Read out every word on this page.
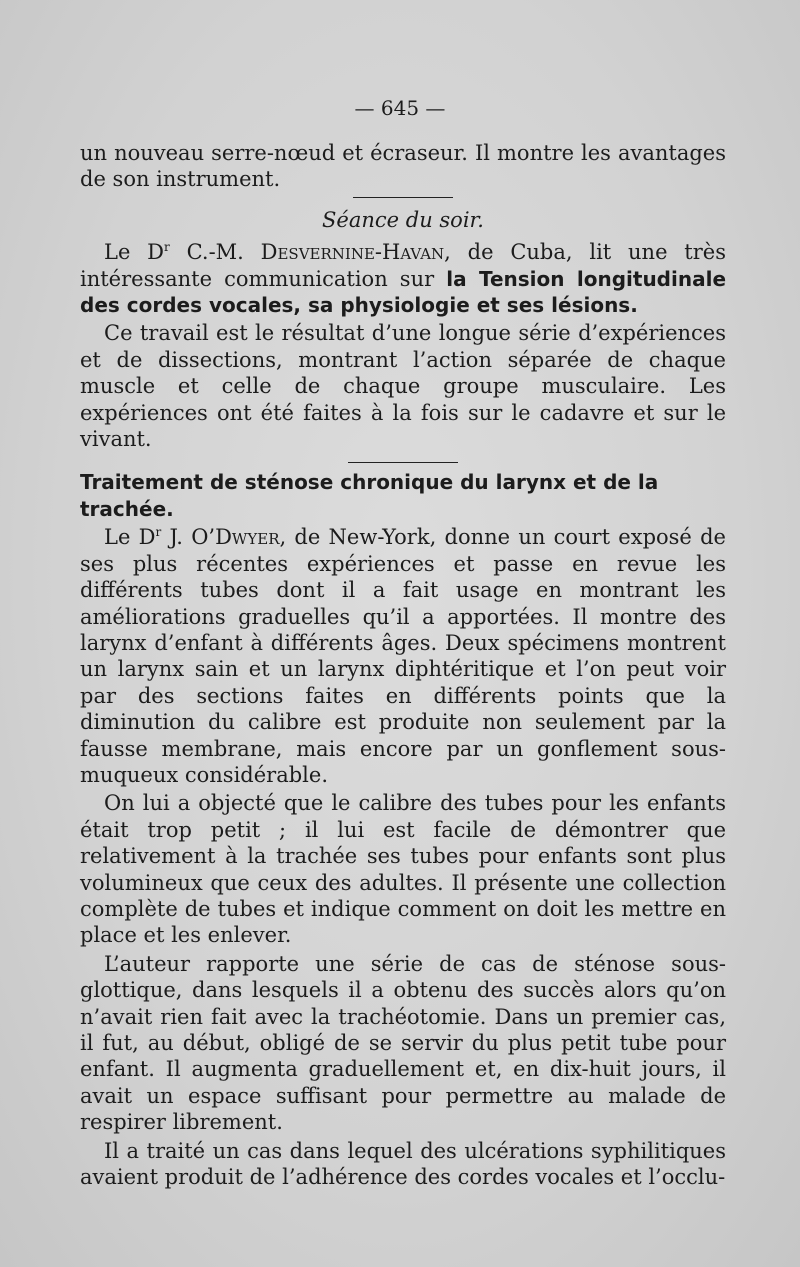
— 645 —

un nouveau serre-nœud et écraseur. Il montre les avantages de son instrument.

Séance du soir.

Le $D^r$ C.-M. Desvernine-Havan, de Cuba, lit une très intéressante communication sur la Tension longitudinale des cordes vocales, sa physiologie et ses lésions.

Ce travail est le résultat d’une longue série d’expériences et de dissections, montrant l’action séparée de chaque muscle et celle de chaque groupe musculaire. Les expériences ont été faites à la fois sur le cadavre et sur le vivant.

Traitement de sténose chronique du larynx et de la trachée.

Le $D^r$ J. O’Dwyer, de New-York, donne un court exposé de ses plus récentes expériences et passe en revue les différents tubes dont il a fait usage en montrant les améliorations graduelles qu’il a apportées. Il montre des larynx d’enfant à différents âges. Deux spécimens montrent un larynx sain et un larynx diphtéritique et l’on peut voir par des sections faites en différents points que la diminution du calibre est produite non seulement par la fausse membrane, mais encore par un gonflement sous-muqueux considérable.

On lui a objecté que le calibre des tubes pour les enfants était trop petit ; il lui est facile de démontrer que relativement à la trachée ses tubes pour enfants sont plus volumineux que ceux des adultes. Il présente une collection complète de tubes et indique comment on doit les mettre en place et les enlever.

L’auteur rapporte une série de cas de sténose sous-glottique, dans lesquels il a obtenu des succès alors qu’on n’avait rien fait avec la trachéotomie. Dans un premier cas, il fut, au début, obligé de se servir du plus petit tube pour enfant. Il augmenta graduellement et, en dix-huit jours, il avait un espace suffisant pour permettre au malade de respirer librement.

Il a traité un cas dans lequel des ulcérations syphilitiques avaient produit de l’adhérence des cordes vocales et l’occlu-
